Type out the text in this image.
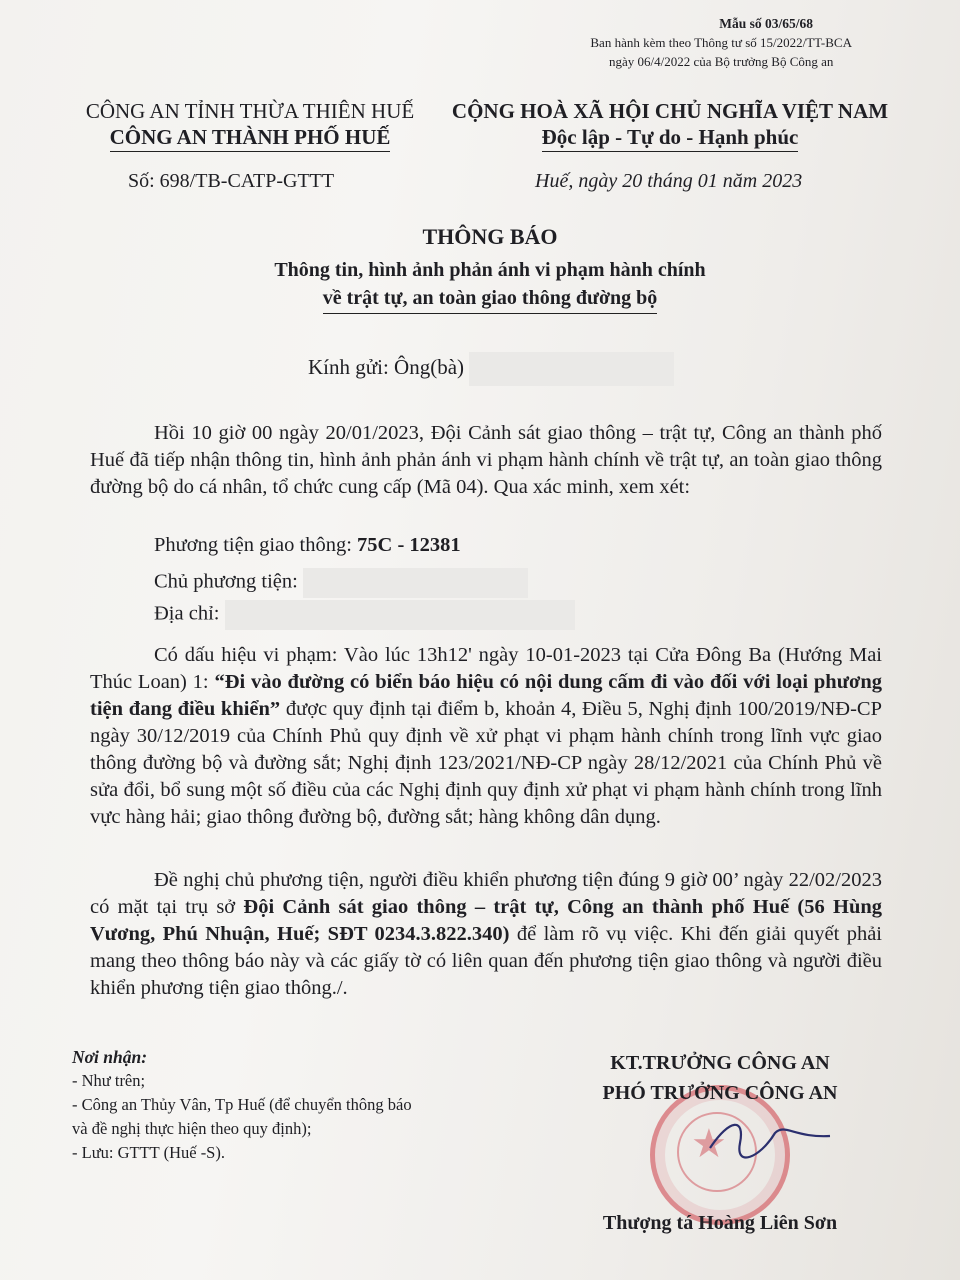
Mẫu số 03/65/68
Ban hành kèm theo Thông tư số 15/2022/TT-BCA
ngày 06/4/2022 của Bộ trưởng Bộ Công an
CÔNG AN TỈNH THỪA THIÊN HUẾ
CÔNG AN THÀNH PHỐ HUẾ
CỘNG HOÀ XÃ HỘI CHỦ NGHĨA VIỆT NAM
Độc lập - Tự do - Hạnh phúc
Số: 698/TB-CATP-GTTT	Huế, ngày 20 tháng 01 năm 2023
THÔNG BÁO
Thông tin, hình ảnh phản ánh vi phạm hành chính
về trật tự, an toàn giao thông đường bộ
Kính gửi: Ông(bà)
Hồi 10 giờ 00 ngày 20/01/2023, Đội Cảnh sát giao thông – trật tự, Công an thành phố Huế đã tiếp nhận thông tin, hình ảnh phản ánh vi phạm hành chính về trật tự, an toàn giao thông đường bộ do cá nhân, tổ chức cung cấp (Mã 04). Qua xác minh, xem xét:
Phương tiện giao thông: 75C - 12381
Chủ phương tiện:
Địa chỉ:
Có dấu hiệu vi phạm: Vào lúc 13h12' ngày 10-01-2023 tại Cửa Đông Ba (Hướng Mai Thúc Loan) 1: “Đi vào đường có biển báo hiệu có nội dung cấm đi vào đối với loại phương tiện đang điều khiển” được quy định tại điểm b, khoản 4, Điều 5, Nghị định 100/2019/NĐ-CP ngày 30/12/2019 của Chính Phủ quy định về xử phạt vi phạm hành chính trong lĩnh vực giao thông đường bộ và đường sắt; Nghị định 123/2021/NĐ-CP ngày 28/12/2021 của Chính Phủ về sửa đổi, bổ sung một số điều của các Nghị định quy định xử phạt vi phạm hành chính trong lĩnh vực hàng hải; giao thông đường bộ, đường sắt; hàng không dân dụng.
Đề nghị chủ phương tiện, người điều khiển phương tiện đúng 9 giờ 00’ ngày 22/02/2023 có mặt tại trụ sở Đội Cảnh sát giao thông – trật tự, Công an thành phố Huế (56 Hùng Vương, Phú Nhuận, Huế; SĐT 0234.3.822.340) để làm rõ vụ việc. Khi đến giải quyết phải mang theo thông báo này và các giấy tờ có liên quan đến phương tiện giao thông và người điều khiển phương tiện giao thông./.
Nơi nhận:
- Như trên;
- Công an Thủy Vân, Tp Huế (để chuyển thông báo
và đề nghị thực hiện theo quy định);
- Lưu: GTTT (Huế -S).	★
KT.TRƯỞNG CÔNG AN
PHÓ TRƯỞNG CÔNG AN
Thượng tá Hoàng Liên Sơn
